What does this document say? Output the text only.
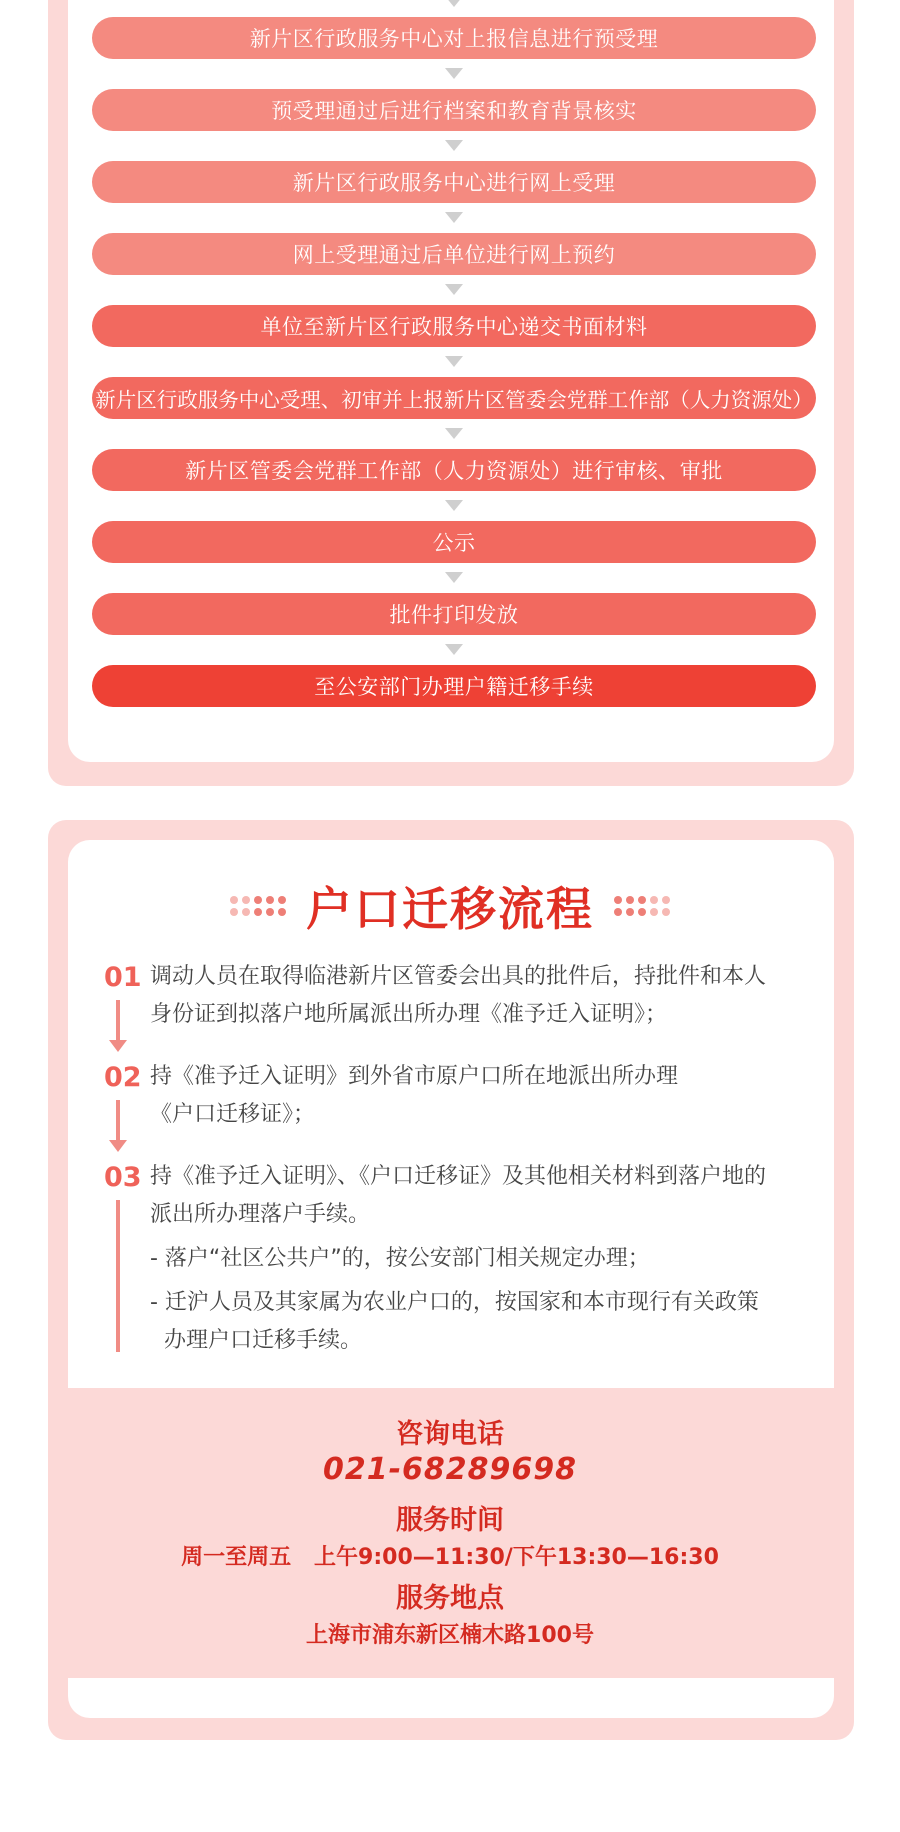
新片区行政服务中心对上报信息进行预受理
预受理通过后进行档案和教育背景核实
新片区行政服务中心进行网上受理
网上受理通过后单位进行网上预约
单位至新片区行政服务中心递交书面材料
新片区行政服务中心受理、初审并上报新片区管委会党群工作部（人力资源处）
新片区管委会党群工作部（人力资源处）进行审核、审批
公示
批件打印发放
至公安部门办理户籍迁移手续
户口迁移流程
01 调动人员在取得临港新片区管委会出具的批件后，持批件和本人
身份证到拟落户地所属派出所办理《准予迁入证明》；
02 持《准予迁入证明》到外省市原户口所在地派出所办理
《户口迁移证》；
03 持《准予迁入证明》、《户口迁移证》及其他相关材料到落户地的
派出所办理落户手续。
- 落户“社区公共户”的，按公安部门相关规定办理；
- 迁沪人员及其家属为农业户口的，按国家和本市现行有关政策
办理户口迁移手续。
咨询电话
021-68289698
服务时间
周一至周五   上午9:00—11:30/下午13:30—16:30
服务地点
上海市浦东新区楠木路100号
